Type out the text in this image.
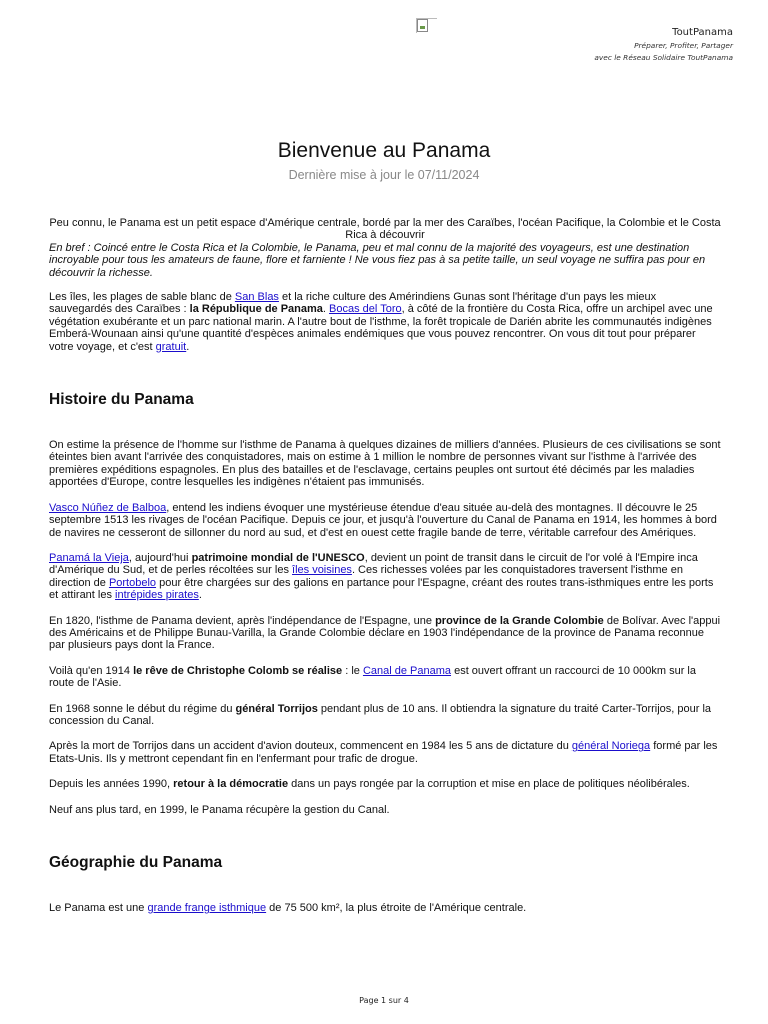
ToutPanama
Préparer, Profiter, Partager
avec le Réseau Solidaire ToutPanama
Bienvenue au Panama
Dernière mise à jour le 07/11/2024

Peu connu, le Panama est un petit espace d'Amérique centrale, bordé par la mer des Caraïbes, l'océan Pacifique, la Colombie et le Costa Rica à découvrir

En bref : Coincé entre le Costa Rica et la Colombie, le Panama, peu et mal connu de la majorité des voyageurs, est une destination incroyable pour tous les amateurs de faune, flore et farniente ! Ne vous fiez pas à sa petite taille, un seul voyage ne suffira pas pour en découvrir la richesse.

Les îles, les plages de sable blanc de San Blas et la riche culture des Amérindiens Gunas sont l'héritage d'un pays les mieux sauvegardés des Caraïbes : la République de Panama. Bocas del Toro, à côté de la frontière du Costa Rica, offre un archipel avec une végétation exubérante et un parc national marin. A l'autre bout de l'isthme, la forêt tropicale de Darién abrite les communautés indigènes Emberá-Wounaan ainsi qu'une quantité d'espèces animales endémiques que vous pouvez rencontrer. On vous dit tout pour préparer votre voyage, et c'est gratuit.

Histoire du Panama

On estime la présence de l'homme sur l'isthme de Panama à quelques dizaines de milliers d'années. Plusieurs de ces civilisations se sont éteintes bien avant l'arrivée des conquistadores, mais on estime à 1 million le nombre de personnes vivant sur l'isthme à l'arrivée des premières expéditions espagnoles. En plus des batailles et de l'esclavage, certains peuples ont surtout été décimés par les maladies apportées d'Europe, contre lesquelles les indigènes n'étaient pas immunisés.

Vasco Núñez de Balboa, entend les indiens évoquer une mystérieuse étendue d'eau située au-delà des montagnes. Il découvre le 25 septembre 1513 les rivages de l'océan Pacifique. Depuis ce jour, et jusqu'à l'ouverture du Canal de Panama en 1914, les hommes à bord de navires ne cesseront de sillonner du nord au sud, et d'est en ouest cette fragile bande de terre, véritable carrefour des Amériques.

Panamá la Vieja, aujourd'hui patrimoine mondial de l'UNESCO, devient un point de transit dans le circuit de l'or volé à l'Empire inca d'Amérique du Sud, et de perles récoltées sur les îles voisines. Ces richesses volées par les conquistadores traversent l'isthme en direction de Portobelo pour être chargées sur des galions en partance pour l'Espagne, créant des routes trans-isthmiques entre les ports et attirant les intrépides pirates.

En 1820, l'isthme de Panama devient, après l'indépendance de l'Espagne, une province de la Grande Colombie de Bolívar. Avec l'appui des Américains et de Philippe Bunau-Varilla, la Grande Colombie déclare en 1903 l'indépendance de la province de Panama reconnue par plusieurs pays dont la France.

Voilà qu'en 1914 le rêve de Christophe Colomb se réalise : le Canal de Panama est ouvert offrant un raccourci de 10 000km sur la route de l'Asie.

En 1968 sonne le début du régime du général Torrijos pendant plus de 10 ans. Il obtiendra la signature du traité Carter-Torrijos, pour la concession du Canal.

Après la mort de Torrijos dans un accident d'avion douteux, commencent en 1984 les 5 ans de dictature du général Noriega formé par les Etats-Unis. Ils y mettront cependant fin en l'enfermant pour trafic de drogue.

Depuis les années 1990, retour à la démocratie dans un pays rongée par la corruption et mise en place de politiques néolibérales.

Neuf ans plus tard, en 1999, le Panama récupère la gestion du Canal.

Géographie du Panama

Le Panama est une grande frange isthmique de 75 500 km², la plus étroite de l'Amérique centrale.

Page 1 sur 4
